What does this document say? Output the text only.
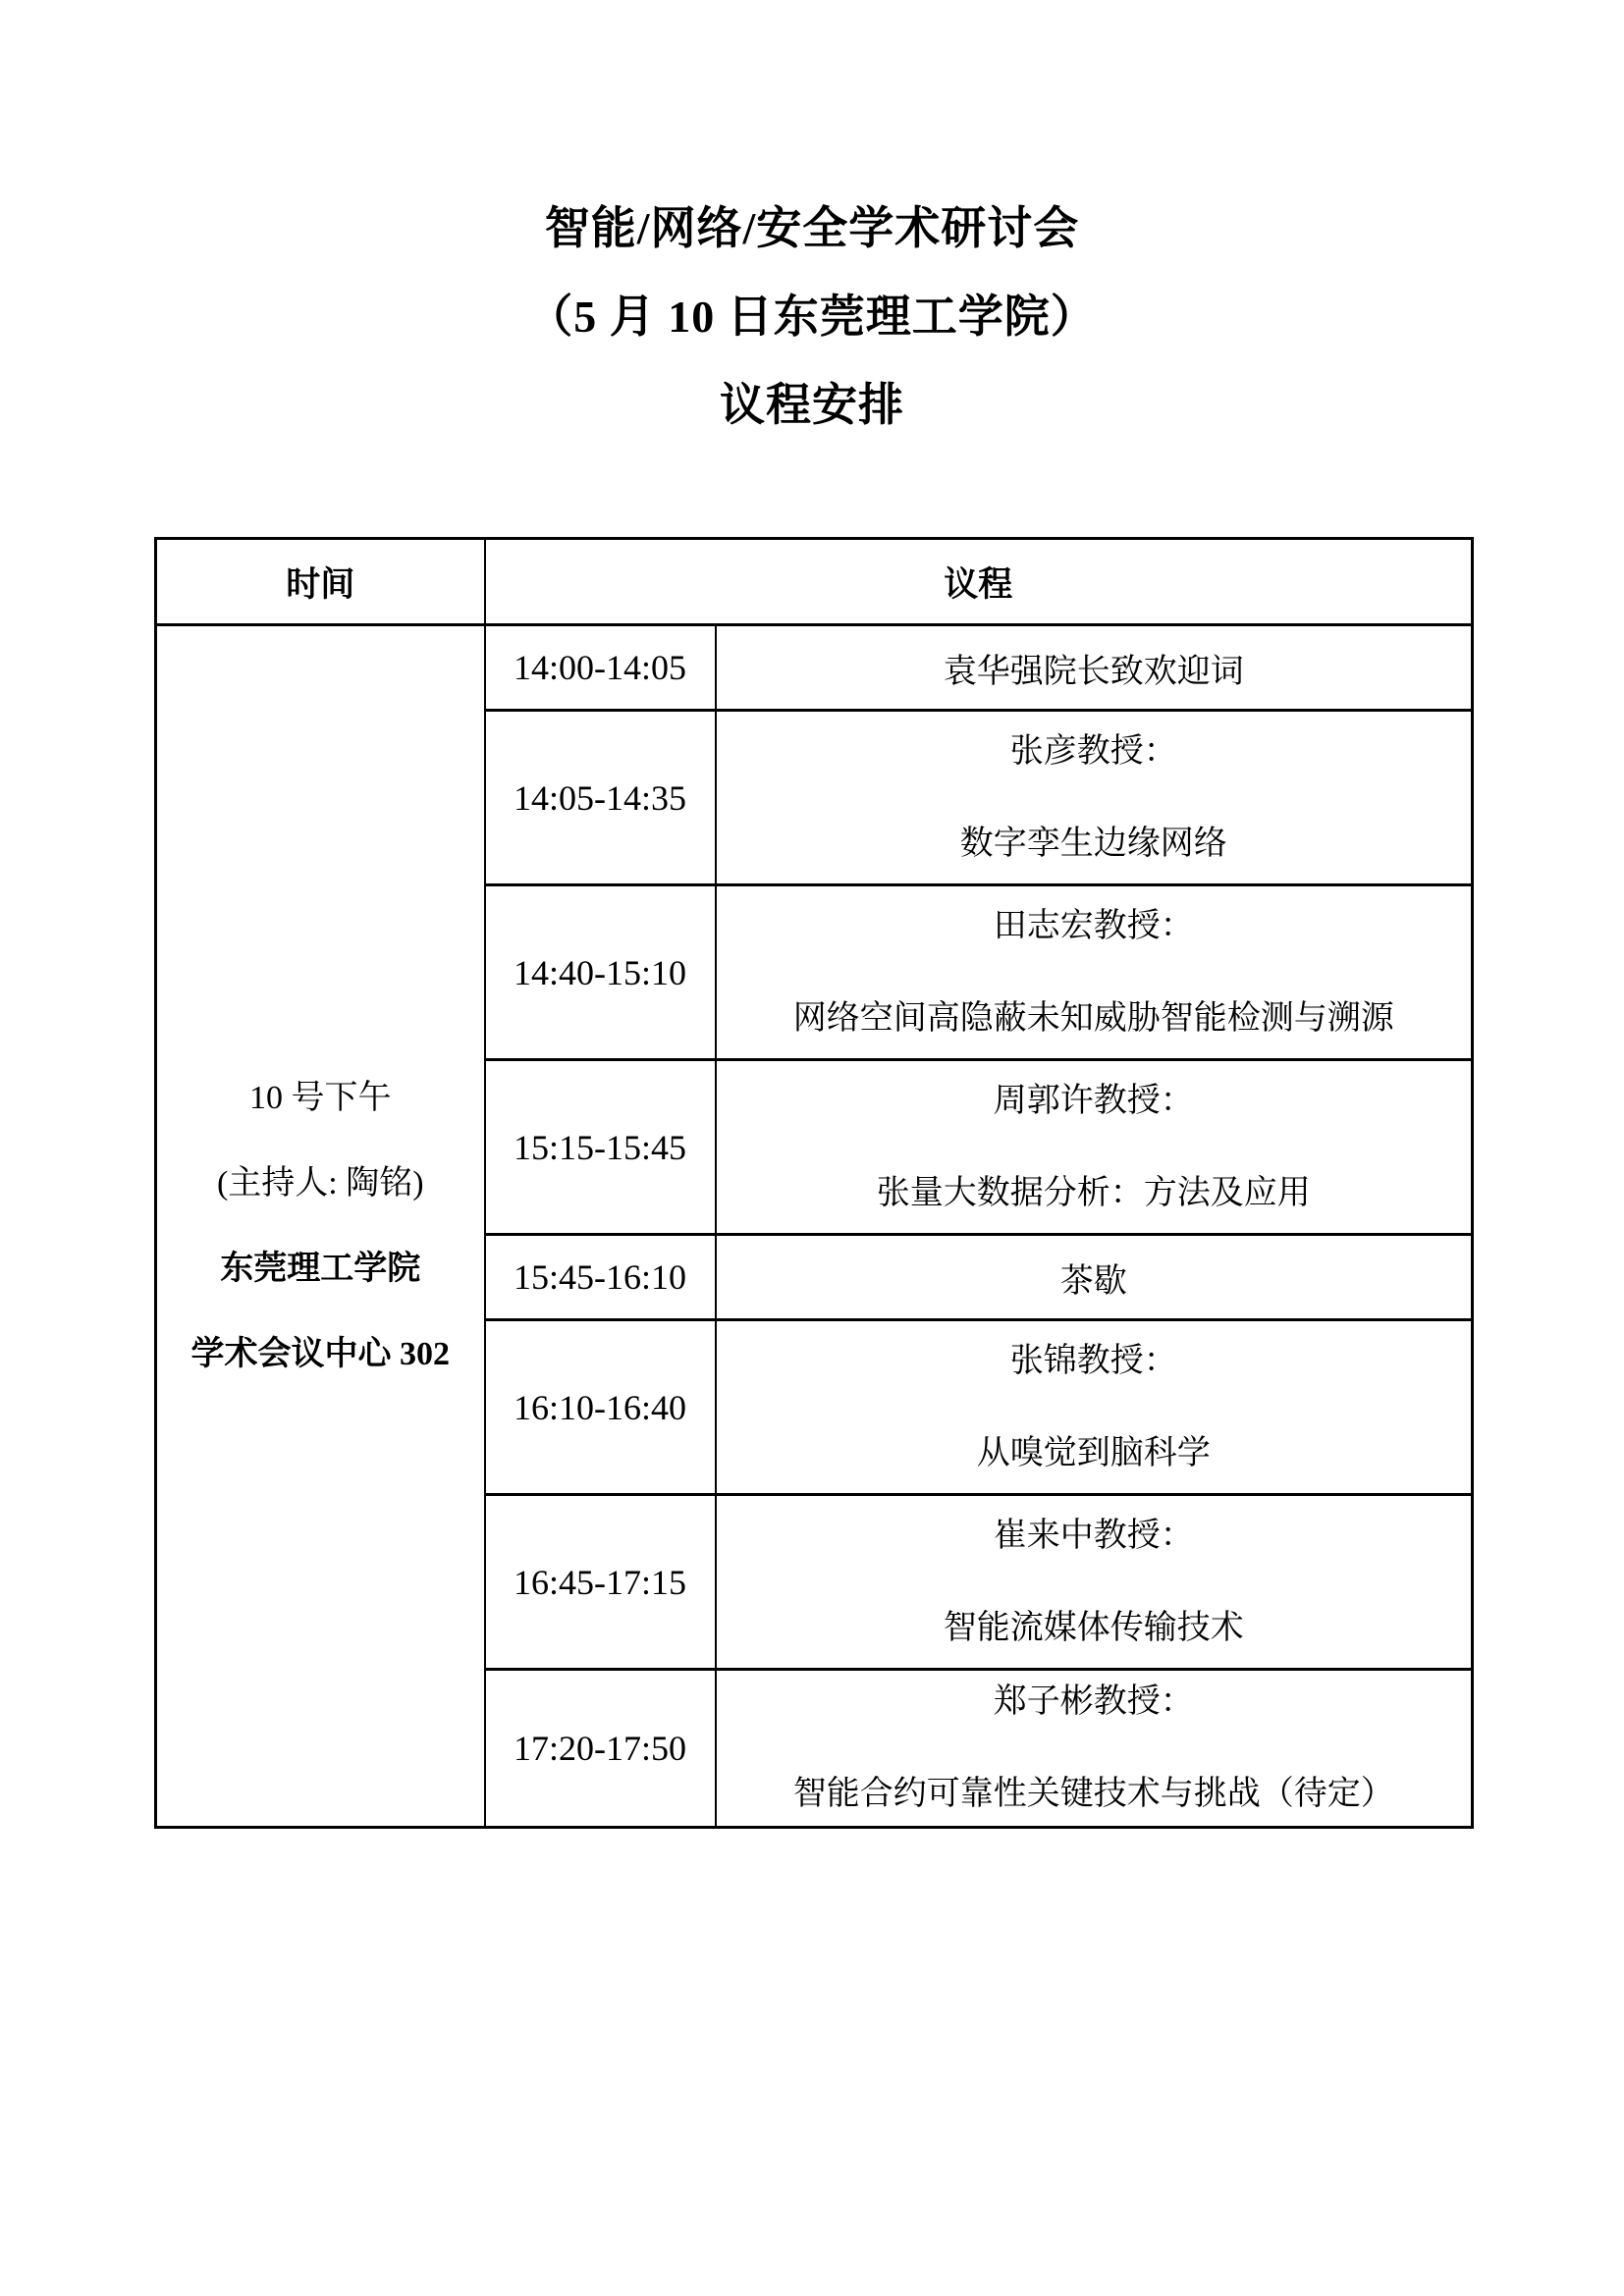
智能/网络/安全学术研讨会
（5 月 10 日东莞理工学院）
议程安排
时间	议程	

10 号下午
(主持人: 陶铭)
东莞理工学院
学术会议中心 302	14:00-14:05	袁华强院长致欢迎词
	14:05-14:35	张彦教授：
数字孪生边缘网络

	14:40-15:10	田志宏教授：
网络空间高隐蔽未知威胁智能检测与溯源

	15:15-15:45	周郭许教授：
张量大数据分析：方法及应用

	15:45-16:10	茶歇
	16:10-16:40	张锦教授：
从嗅觉到脑科学

	16:45-17:15	崔来中教授：
智能流媒体传输技术

	17:20-17:50	郑子彬教授：
智能合约可靠性关键技术与挑战（待定）
